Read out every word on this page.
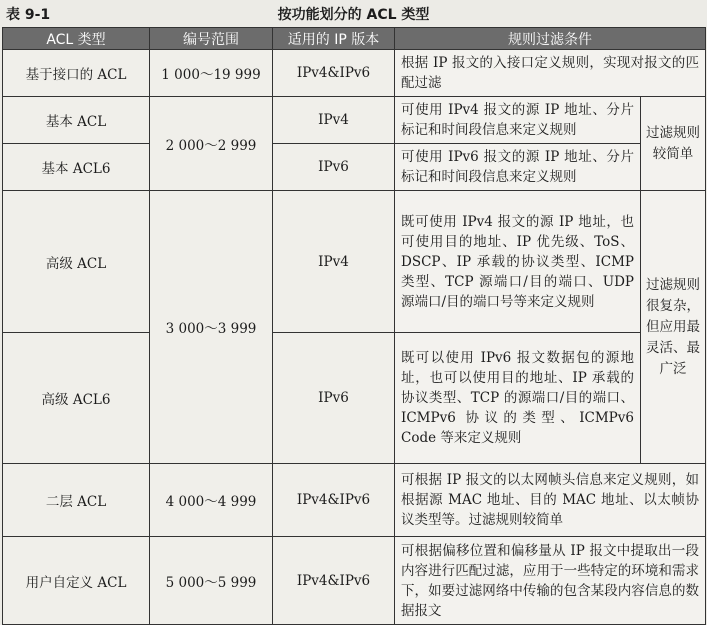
表 9-1	按功能划分的 ACL 类型
ACL 类型	编号范围	适用的 IP 版本	规则过滤条件	
基于接口的 ACL	1 000～19 999	IPv4&IPv6	根据 IP 报文的入接口定义规则，实现对报文的匹配过滤	
基本 ACL	2 000～2 999	IPv4	可使用 IPv4 报文的源 IP 地址、分片标记和时间段信息来定义规则	过滤规则较简单
基本 ACL6		IPv6	可使用 IPv6 报文的源 IP 地址、分片标记和时间段信息来定义规则	
高级 ACL	3 000～3 999	IPv4	既可使用 IPv4 报文的源 IP 地址，也可使用目的地址、IP 优先级、ToS、DSCP、IP 承载的协议类型、ICMP 类型、TCP 源端口/目的端口、UDP 源端口/目的端口号等来定义规则	过滤规则很复杂，但应用最灵活、最广泛
高级 ACL6		IPv6	既可以使用 IPv6 报文数据包的源地址，也可以使用目的地址、IP 承载的协议类型、TCP 的源端口/目的端口、ICMPv6 协议的类型、ICMPv6 Code 等来定义规则	
二层 ACL	4 000～4 999	IPv4&IPv6	可根据 IP 报文的以太网帧头信息来定义规则，如根据源 MAC 地址、目的 MAC 地址、以太帧协议类型等。过滤规则较简单	
用户自定义 ACL	5 000～5 999	IPv4&IPv6	可根据偏移位置和偏移量从 IP 报文中提取出一段内容进行匹配过滤，应用于一些特定的环境和需求下，如要过滤网络中传输的包含某段内容信息的数据报文	
